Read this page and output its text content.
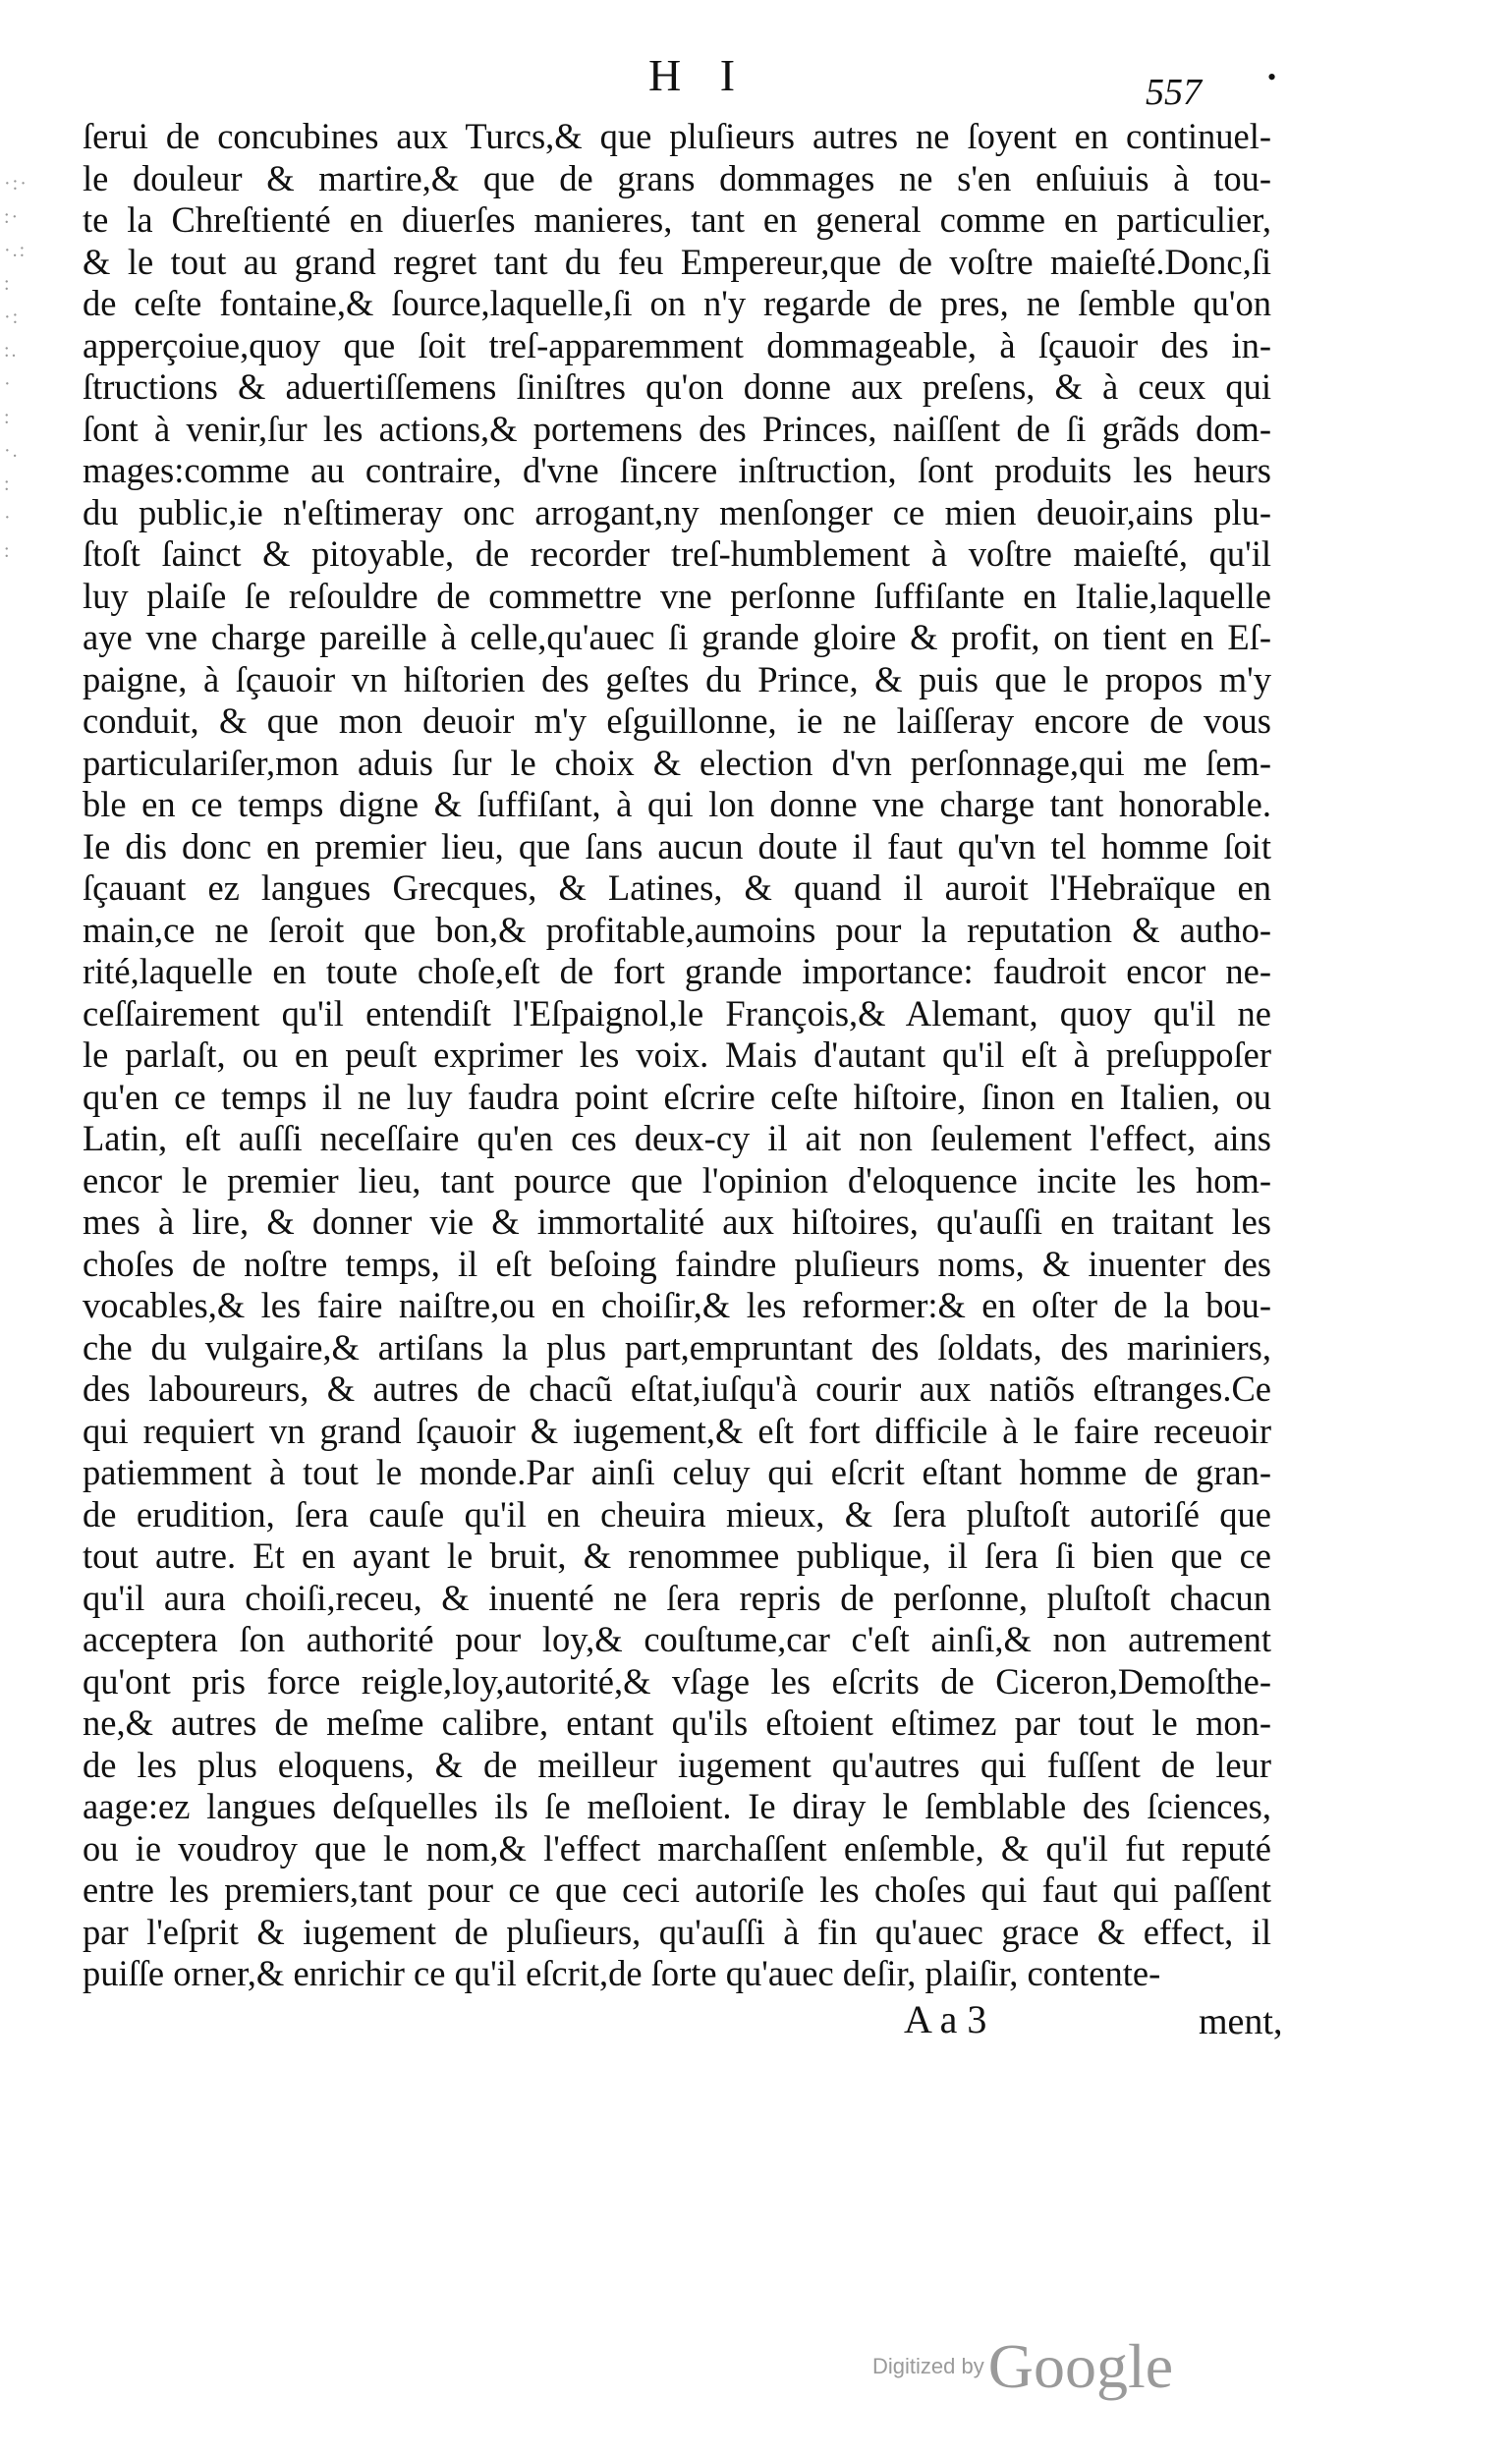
·:·
:·
·.:
:
·:
:.
·
:
·.
:
·
:
H I	557	•
ſerui de concubines aux Turcs,& que pluſieurs autres ne ſoyent en continuel-
le douleur & martire,& que de grans dommages ne s'en enſuiuis à tou-
te la Chreſtienté en diuerſes manieres, tant en general comme en particulier,
& le tout au grand regret tant du feu Empereur,que de voſtre maieſté.Donc,ſi
de ceſte fontaine,& ſource,laquelle,ſi on n'y regarde de pres, ne ſemble qu'on
apperçoiue,quoy que ſoit treſ-apparemment dommageable, à ſçauoir des in-
ſtructions & aduertiſſemens ſiniſtres qu'on donne aux preſens, & à ceux qui
ſont à venir,ſur les actions,& portemens des Princes, naiſſent de ſi grãds dom-
mages:comme au contraire, d'vne ſincere inſtruction, ſont produits les heurs
du public,ie n'eſtimeray onc arrogant,ny menſonger ce mien deuoir,ains plu-
ſtoſt ſainct & pitoyable, de recorder treſ-humblement à voſtre maieſté, qu'il
luy plaiſe ſe reſouldre de commettre vne perſonne ſuffiſante en Italie,laquelle
aye vne charge pareille à celle,qu'auec ſi grande gloire & profit, on tient en Eſ-
paigne, à ſçauoir vn hiſtorien des geſtes du Prince, & puis que le propos m'y
conduit, & que mon deuoir m'y eſguillonne, ie ne laiſſeray encore de vous
particulariſer,mon aduis ſur le choix & election d'vn perſonnage,qui me ſem-
ble en ce temps digne & ſuffiſant, à qui lon donne vne charge tant honorable.
Ie dis donc en premier lieu, que ſans aucun doute il faut qu'vn tel homme ſoit
ſçauant ez langues Grecques, & Latines, & quand il auroit l'Hebraïque en
main,ce ne ſeroit que bon,& profitable,aumoins pour la reputation & autho-
rité,laquelle en toute choſe,eſt de fort grande importance: faudroit encor ne-
ceſſairement qu'il entendiſt l'Eſpaignol,le François,& Alemant, quoy qu'il ne
le parlaſt, ou en peuſt exprimer les voix. Mais d'autant qu'il eſt à preſuppoſer
qu'en ce temps il ne luy faudra point eſcrire ceſte hiſtoire, ſinon en Italien, ou
Latin, eſt auſſi neceſſaire qu'en ces deux-cy il ait non ſeulement l'effect, ains
encor le premier lieu, tant pource que l'opinion d'eloquence incite les hom-
mes à lire, & donner vie & immortalité aux hiſtoires, qu'auſſi en traitant les
choſes de noſtre temps, il eſt beſoing faindre pluſieurs noms, & inuenter des
vocables,& les faire naiſtre,ou en choiſir,& les reformer:& en oſter de la bou-
che du vulgaire,& artiſans la plus part,empruntant des ſoldats, des mariniers,
des laboureurs, & autres de chacũ eſtat,iuſqu'à courir aux natiõs eſtranges.Ce
qui requiert vn grand ſçauoir & iugement,& eſt fort difficile à le faire receuoir
patiemment à tout le monde.Par ainſi celuy qui eſcrit eſtant homme de gran-
de erudition, ſera cauſe qu'il en cheuira mieux, & ſera pluſtoſt autoriſé que
tout autre. Et en ayant le bruit, & renommee publique, il ſera ſi bien que ce
qu'il aura choiſi,receu, & inuenté ne ſera repris de perſonne, pluſtoſt chacun
acceptera ſon authorité pour loy,& couſtume,car c'eſt ainſi,& non autrement
qu'ont pris force reigle,loy,autorité,& vſage les eſcrits de Ciceron,Demoſthe-
ne,& autres de meſme calibre, entant qu'ils eſtoient eſtimez par tout le mon-
de les plus eloquens, & de meilleur iugement qu'autres qui fuſſent de leur
aage:ez langues deſquelles ils ſe meſloient. Ie diray le ſemblable des ſciences,
ou ie voudroy que le nom,& l'effect marchaſſent enſemble, & qu'il fut reputé
entre les premiers,tant pour ce que ceci autoriſe les choſes qui faut qui paſſent
par l'eſprit & iugement de pluſieurs, qu'auſſi à fin qu'auec grace & effect, il
puiſſe orner,& enrichir ce qu'il eſcrit,de ſorte qu'auec deſir, plaiſir, contente-
A a 3	ment,
Digitized by Google
